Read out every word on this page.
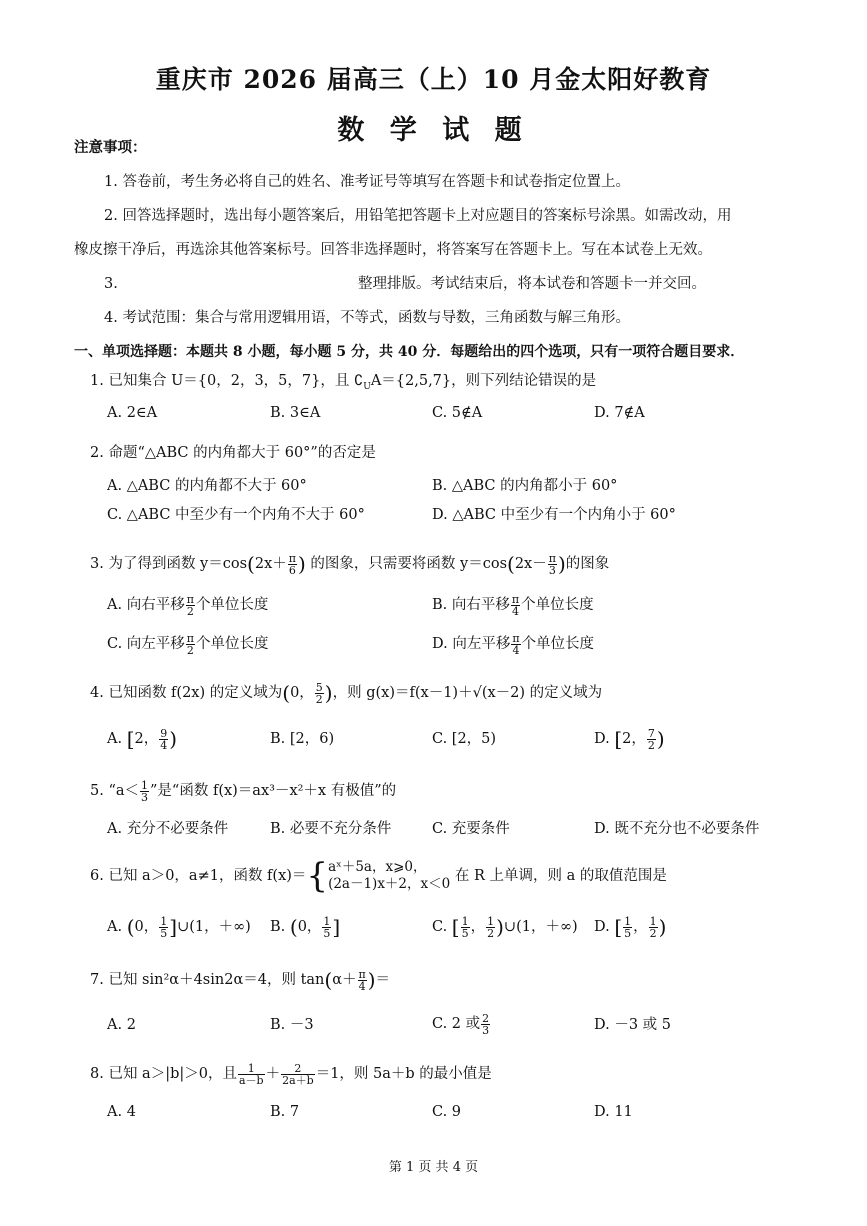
重庆市 2026 届高三（上）10 月金太阳好教育
数 学 试 题
注意事项：
1. 答卷前，考生务必将自己的姓名、准考证号等填写在答题卡和试卷指定位置上。
2. 回答选择题时，选出每小题答案后，用铅笔把答题卡上对应题目的答案标号涂黑。如需改动，用
橡皮擦干净后，再选涂其他答案标号。回答非选择题时，将答案写在答题卡上。写在本试卷上无效。
3.	整理排版。考试结束后，将本试卷和答题卡一并交回。
4. 考试范围：集合与常用逻辑用语，不等式，函数与导数，三角函数与解三角形。
一、单项选择题：本题共 8 小题，每小题 5 分，共 40 分．每题给出的四个选项，只有一项符合题目要求．
1. 已知集合 U＝{0，2，3，5，7}，且 $∁_UA=\{2,5,7\}$，则下列结论错误的是
A. 2∈A	B. 3∈A	C. 5∉A	D. 7∉A
2. 命题“△ABC 的内角都大于 60°”的否定是
A. △ABC 的内角都不大于 60°	B. △ABC 的内角都小于 60°
C. △ABC 中至少有一个内角不大于 60°	D. △ABC 中至少有一个内角小于 60°
3. 为了得到函数 $y=\cos(2x+ \frac{\pi}{6}$ ) 的图象，只需要将函数 $y=\cos(2x- \frac{\pi}{3}$ )的图象
A. 向右平移 $\frac{\pi}{2}$ 个单位长度	B. 向右平移 $\frac{\pi}{4}$ 个单位长度
C. 向左平移 $\frac{\pi}{2}$ 个单位长度	D. 向左平移 $\frac{\pi}{4}$ 个单位长度
4. 已知函数 f(2x) 的定义域为(0， $\frac{5}{2}$ )，则 g(x)＝f(x－1)＋√(x－2) 的定义域为
A. [2， $\frac{9}{4}$ )	B. [2，6)	C. [2，5)	D. [2， $\frac{7}{2}$ )
5. “$a< \frac{1}{3}$ ”是“函数 f(x)＝ax³－x²＋x 有极值”的
A. 充分不必要条件	B. 必要不充分条件	C. 充要条件	D. 既不充分也不必要条件
6. 已知 a＞0，a≠1，函数 f(x)＝{ aˣ＋5a，x⩾0，
(2a－1)x＋2，x＜0 在 R 上单调，则 a 的取值范围是
A. (0， $\frac{1}{5}$ ]∪(1，＋∞) B. (0， $\frac{1}{5}$ ]	C. [ $\frac{1}{5}$ ， $\frac{1}{2}$ )∪(1，＋∞) D. [ $\frac{1}{5}$ ， $\frac{1}{2}$ )
7. 已知 sin²α＋4sin2α＝4，则 $\tan(\alpha+ \frac{\pi}{4}$ )＝
A. 2	B. －3	C. 2 或 $\frac{2}{3}$	D. －3 或 5
8. 已知 a＞|b|＞0，且 $\frac{1}{a-b} + \frac{2}{2a+b} =1$，则 5a＋b 的最小值是
A. 4	B. 7	C. 9	D. 11
第 1 页 共 4 页
